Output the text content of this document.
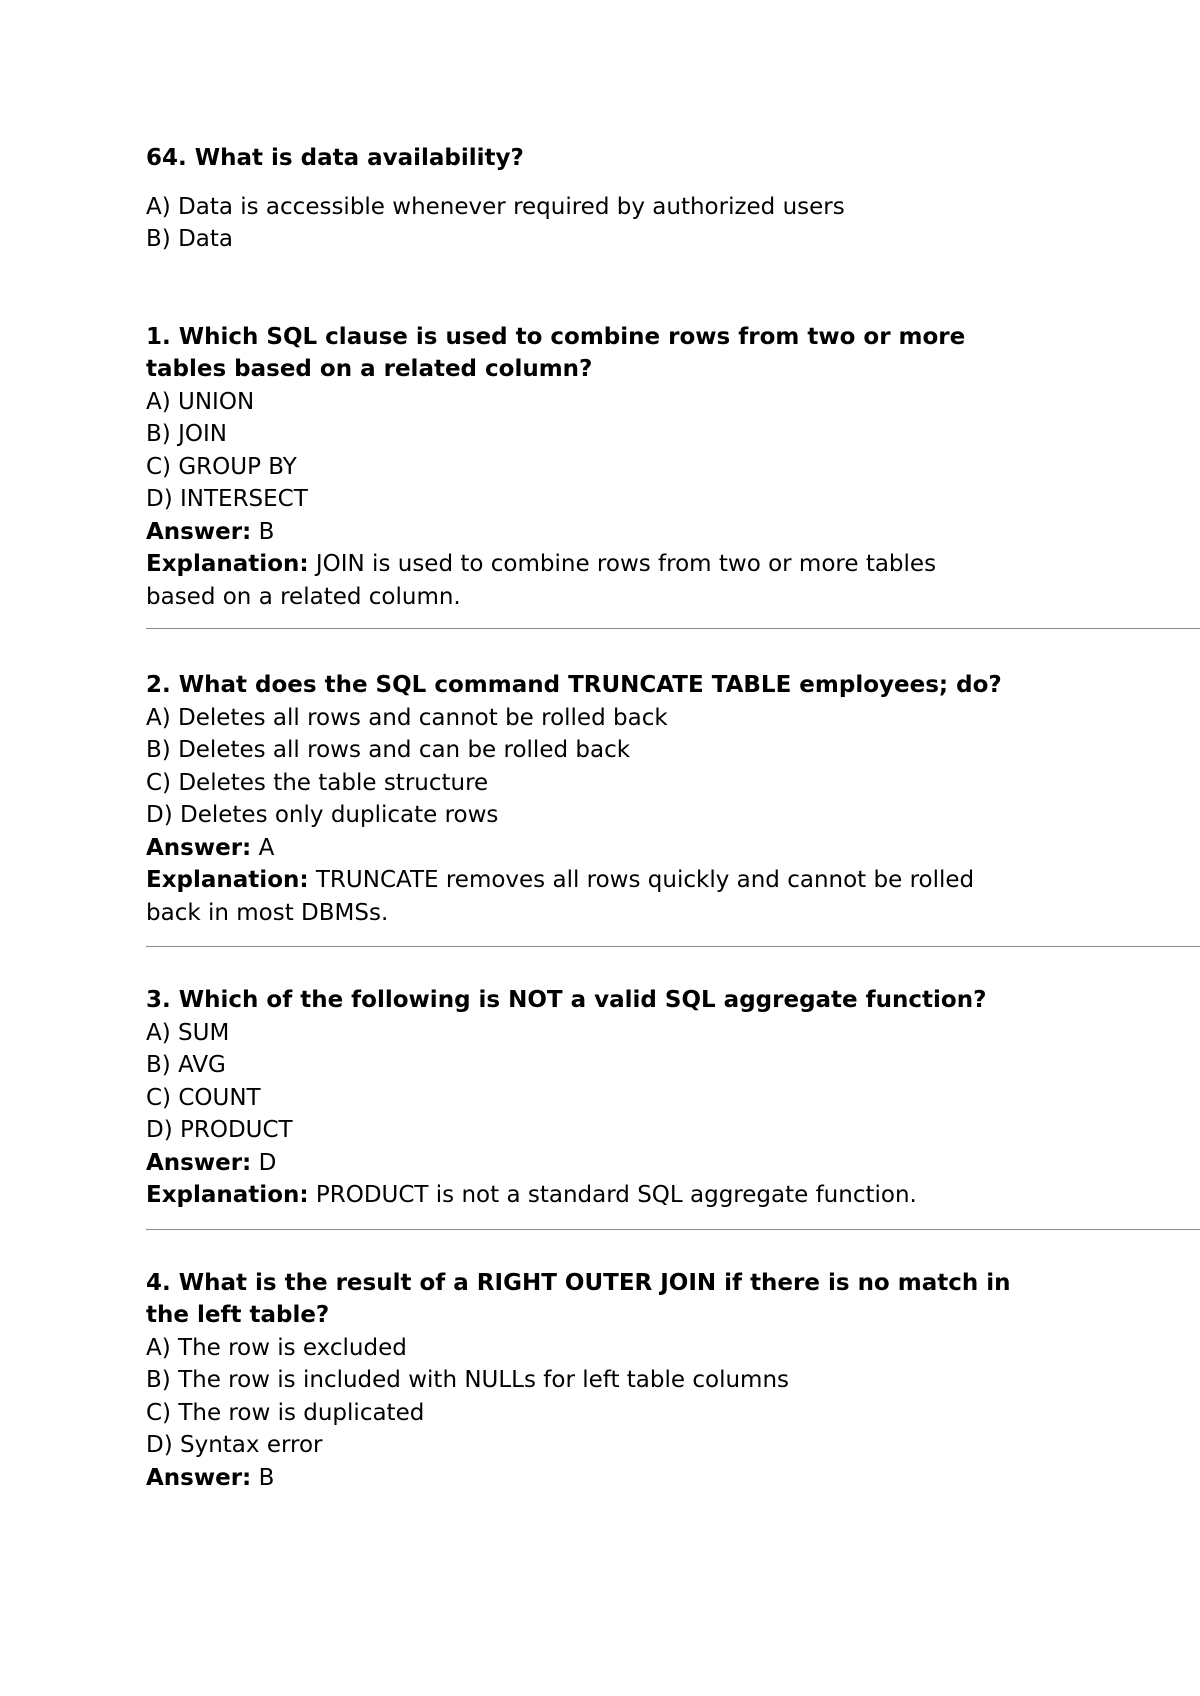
64. What is data availability?
A) Data is accessible whenever required by authorized users
B) Data
1. Which SQL clause is used to combine rows from two or more
tables based on a related column?
A) UNION
B) JOIN
C) GROUP BY
D) INTERSECT
Answer: B
Explanation: JOIN is used to combine rows from two or more tables
based on a related column.
2. What does the SQL command TRUNCATE TABLE employees; do?
A) Deletes all rows and cannot be rolled back
B) Deletes all rows and can be rolled back
C) Deletes the table structure
D) Deletes only duplicate rows
Answer: A
Explanation: TRUNCATE removes all rows quickly and cannot be rolled
back in most DBMSs.
3. Which of the following is NOT a valid SQL aggregate function?
A) SUM
B) AVG
C) COUNT
D) PRODUCT
Answer: D
Explanation: PRODUCT is not a standard SQL aggregate function.
4. What is the result of a RIGHT OUTER JOIN if there is no match in
the left table?
A) The row is excluded
B) The row is included with NULLs for left table columns
C) The row is duplicated
D) Syntax error
Answer: B
